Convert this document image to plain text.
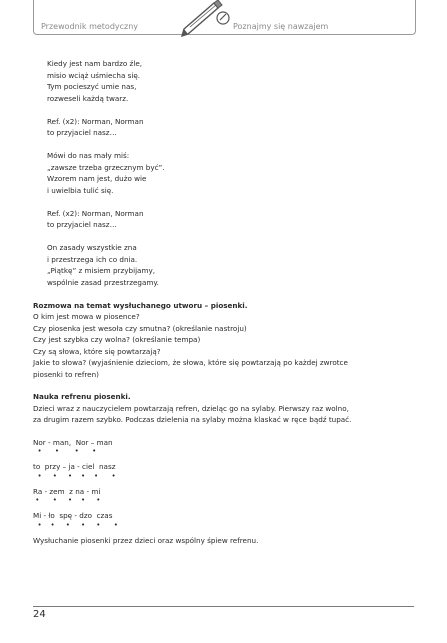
Przewodnik metodyczny	Poznajmy się nawzajem
Kiedy jest nam bardzo źle,
misio wciąż uśmiecha się.
Tym pocieszyć umie nas,
rozweseli każdą twarz.
Ref. (x2): Norman, Norman
to przyjaciel nasz…
Mówi do nas mały miś:
„zawsze trzeba grzecznym być”.
Wzorem nam jest, dużo wie
i uwielbia tulić się.
Ref. (x2): Norman, Norman
to przyjaciel nasz…
On zasady wszystkie zna
i przestrzega ich co dnia.
„Piątkę” z misiem przybijamy,
wspólnie zasad przestrzegamy.
Rozmowa na temat wysłuchanego utworu – piosenki.
O kim jest mowa w piosence?
Czy piosenka jest wesoła czy smutna? (określanie nastroju)
Czy jest szybka czy wolna? (określanie tempa)
Czy są słowa, które się powtarzają?
Jakie to słowa? (wyjaśnienie dzieciom, że słowa, które się powtarzają po każdej zwrotce
piosenki to refren)
Nauka refrenu piosenki.
Dzieci wraz z nauczycielem powtarzają refren, dzieląc go na sylaby. Pierwszy raz wolno,
za drugim razem szybko. Podczas dzielenia na sylaby można klaskać w ręce bądź tupać.
Nor - man,  Nor – man
•      •       •      •
to  przy – ja - ciel  nasz
•     •     •    •    •      •
Ra - zem  z na - mi
•      •     •    •     •
Mi - ło  spę - dzo  czas
•    •     •     •     •      •
Wysłuchanie piosenki przez dzieci oraz wspólny śpiew refrenu.
24
